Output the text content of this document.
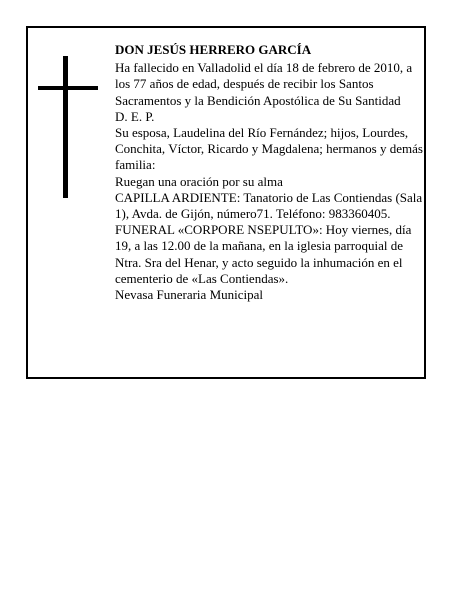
DON JESÚS HERRERO GARCÍA

Ha fallecido en Valladolid el día 18 de febrero de 2010, a los 77 años de edad, después de recibir los Santos Sacramentos y la Bendición Apostólica de Su Santidad

D. E. P.

Su esposa, Laudelina del Río Fernández; hijos, Lourdes, Conchita, Víctor, Ricardo y Magdalena; hermanos y demás familia:

Ruegan una oración por su alma

CAPILLA ARDIENTE: Tanatorio de Las Contiendas (Sala 1), Avda. de Gijón, número71. Teléfono: 983360405.

FUNERAL «CORPORE NSEPULTO»: Hoy viernes, día 19, a las 12.00 de la mañana, en la iglesia parroquial de Ntra. Sra del Henar, y acto seguido la inhumación en el cementerio de «Las Contiendas».

Nevasa Funeraria Municipal
